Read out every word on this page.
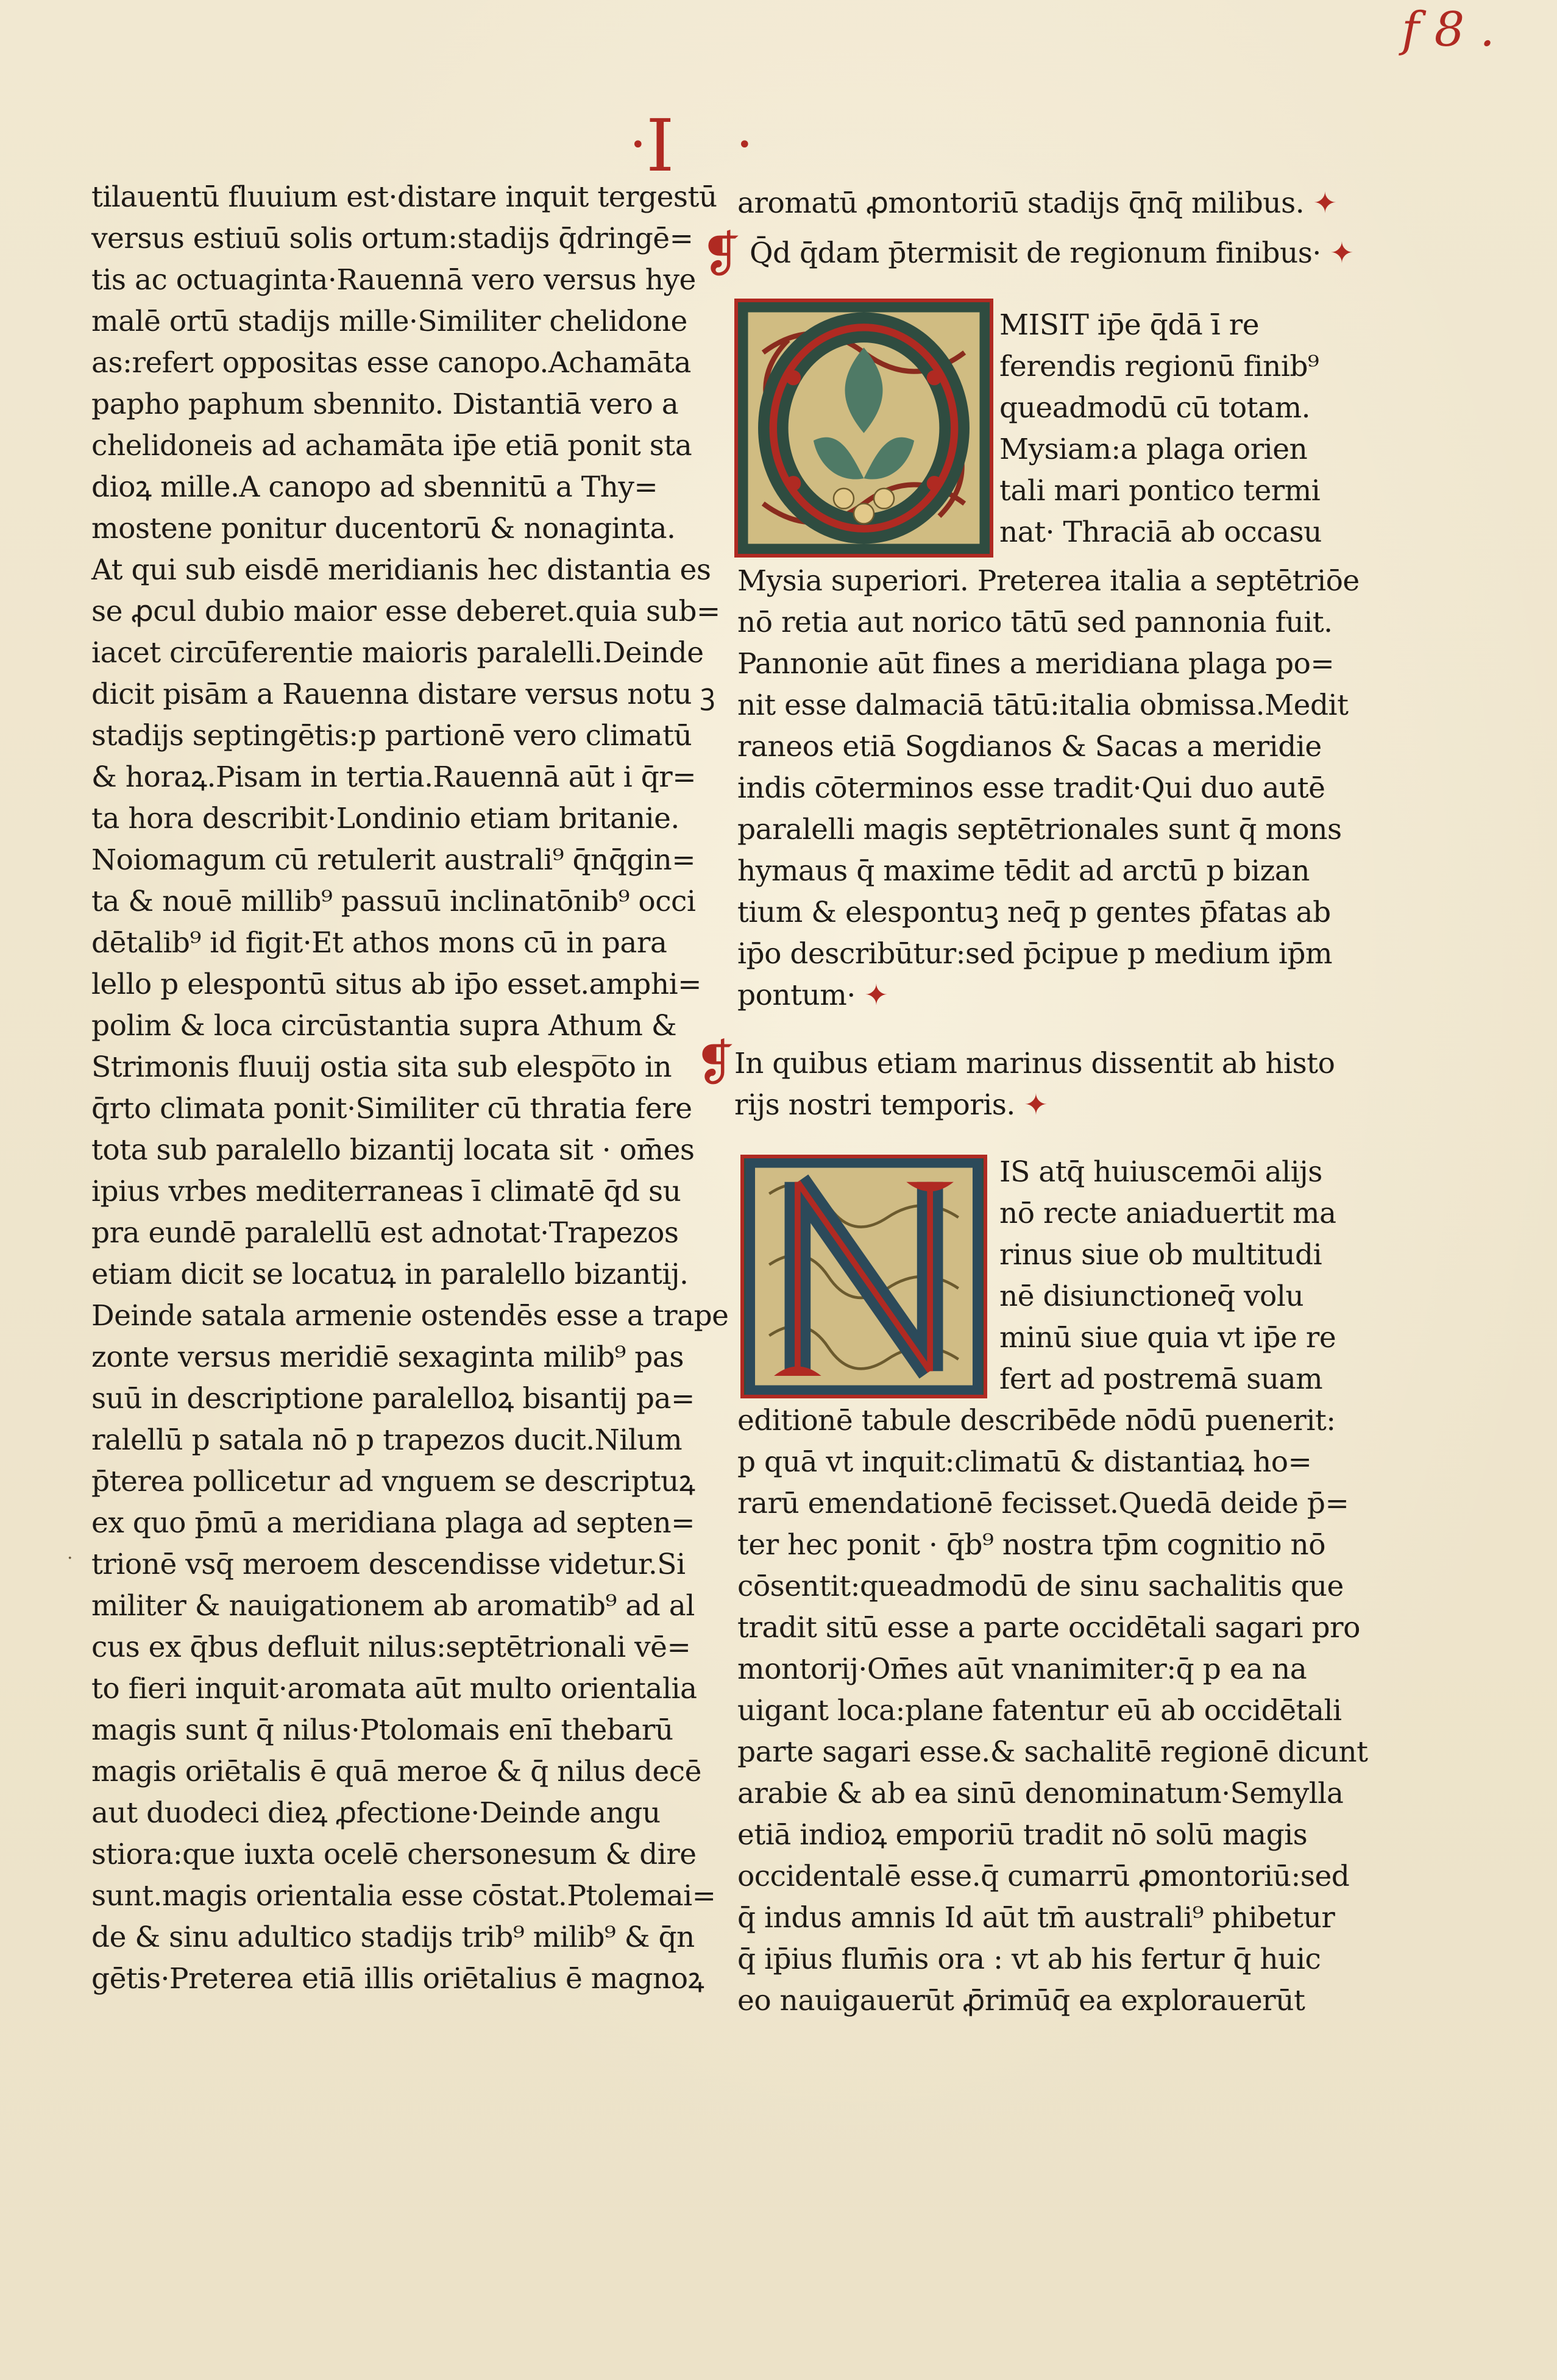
f 8 .
• I	•
tilauentū fluuium est·distare inquit tergestū
versus estiuū solis ortum:stadijs q̄dringē=
tis ac octuaginta·Rauennā vero versus hye
malē ortū stadijs mille·Similiter chelidone
as:refert oppositas esse canopo.Achamāta
papho paphum sbennito. Distantiā vero a
chelidoneis ad achamāta ip̄e etiā ponit sta
dioꝝ mille.A canopo ad sbennitū a Thy=
mostene ponitur ducentorū & nonaginta.
At qui sub eisdē meridianis hec distantia es
se ꝓcul dubio maior esse deberet.quia sub=
iacet circūferentie maioris paralelli.Deinde
dicit pisām a Rauenna distare versus notu ꝫ
stadijs septingētis:p partionē vero climatū
& horaꝝ.Pisam in tertia.Rauennā aūt i q̄r=
ta hora describit·Londinio etiam britanie.
Noiomagum cū retulerit australi⁹ q̄nq̄gin=
ta & nouē millib⁹ passuū inclinatōnib⁹ occi
dētalib⁹ id figit·Et athos mons cū in para
lello p elespontū situs ab ip̄o esset.amphi=
polim & loca circūstantia supra Athum &
Strimonis fluuij ostia sita sub elespo̅to in
q̄rto climata ponit·Similiter cū thratia fere
tota sub paralello bizantij locata sit · om̄es
ipius vrbes mediterraneas ī climatē q̄d su
pra eundē paralellū est adnotat·Trapezos
etiam dicit se locatuꝝ in paralello bizantij.
Deinde satala armenie ostendēs esse a trape
zonte versus meridiē sexaginta milib⁹ pas
suū in descriptione paralelloꝝ bisantij pa=
ralellū p satala nō p trapezos ducit.Nilum
p̄terea pollicetur ad vnguem se descriptuꝝ
ex quo p̄mū a meridiana plaga ad septen=
trionē vsq̄ meroem descendisse videtur.Si
militer & nauigationem ab aromatib⁹ ad al
cus ex q̄bus defluit nilus:septētrionali vē=
to fieri inquit·aromata aūt multo orientalia
magis sunt q̄ nilus·Ptolomais enī thebarū
magis oriētalis ē quā meroe & q̄ nilus decē
aut duodeci dieꝝ ꝓfectione·Deinde angu
stiora:que iuxta ocelē chersonesum & dire
sunt.magis orientalia esse cōstat.Ptolemai=
de & sinu adultico stadijs trib⁹ milib⁹ & q̄n
gētis·Preterea etiā illis oriētalius ē magnoꝝ
·
aromatū ꝓmontoriū stadijs q̄nq̄ milibus. ✦
❡ Q̄d q̄dam p̄termisit de regionum finibus· ✦
MISIT ip̄e q̄dā ī re
ferendis regionū finib⁹
queadmodū cū totam.
Mysiam:a plaga orien
tali mari pontico termi
nat· Thraciā ab occasu
Mysia superiori. Preterea italia a septētriōe
nō retia aut norico tātū sed pannonia fuit.
Pannonie aūt fines a meridiana plaga po=
nit esse dalmaciā tātū:italia obmissa.Medit
raneos etiā Sogdianos & Sacas a meridie
indis cōterminos esse tradit·Qui duo autē
paralelli magis septētrionales sunt q̄ mons
hymaus q̄ maxime tēdit ad arctū p bizan
tium & elespontuꝫ neq̄ p gentes p̄fatas ab
ip̄o describūtur:sed p̄cipue p medium ip̄m
pontum· ✦
❡
In quibus etiam marinus dissentit ab histo
rijs nostri temporis. ✦
IS atq̄ huiuscemōi alijs
nō recte aniaduertit ma
rinus siue ob multitudi
nē disiunctioneq̄ volu
minū siue quia vt ip̄e re
fert ad postremā suam
editionē tabule describēde nōdū puenerit:
p quā vt inquit:climatū & distantiaꝝ ho=
rarū emendationē fecisset.Quedā deide p̄=
ter hec ponit · q̄b⁹ nostra tp̄m cognitio nō
cōsentit:queadmodū de sinu sachalitis que
tradit sitū esse a parte occidētali sagari pro
montorij·Om̄es aūt vnanimiter:q̄ p ea na
uigant loca:plane fatentur eū ab occidētali
parte sagari esse.& sachalitē regionē dicunt
arabie & ab ea sinū denominatum·Semylla
etiā indioꝝ emporiū tradit nō solū magis
occidentalē esse.q̄ cumarrū ꝓmontoriū:sed
q̄ indus amnis Id aūt tm̄ australi⁹ phibetur
q̄ ip̄ius flum̄is ora : vt ab his fertur q̄ huic
eo nauigauerūt ꝓ̄rimūq̄ ea explorauerūt
